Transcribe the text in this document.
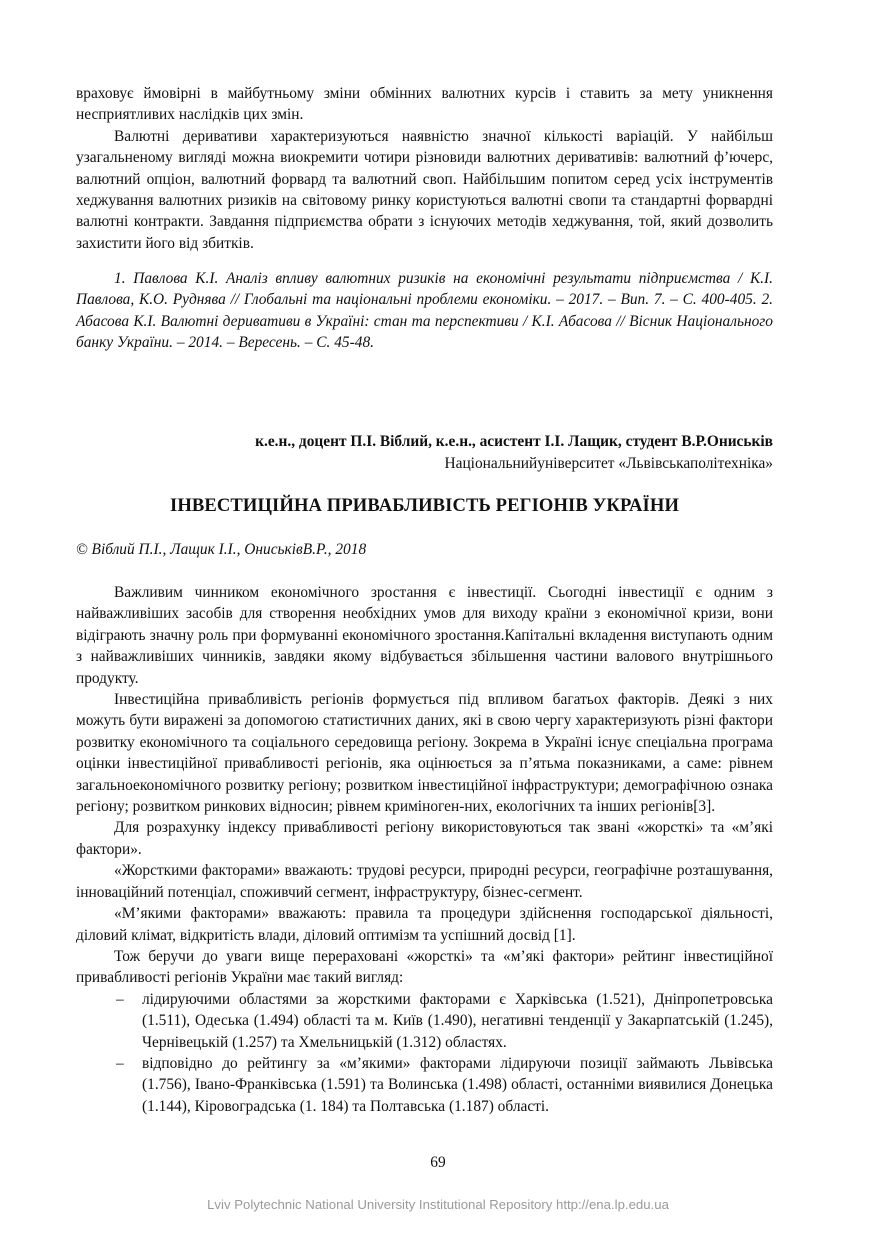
враховує ймовірні в майбутньому зміни обмінних валютних курсів і ставить за мету уникнення несприятливих наслідків цих змін.

Валютні деривативи характеризуються наявністю значної кількості варіацій. У найбільш узагальненому вигляді можна виокремити чотири різновиди валютних деривативів: валютний ф’ючерс, валютний опціон, валютний форвард та валютний своп. Найбільшим попитом серед усіх інструментів хеджування валютних ризиків на світовому ринку користуються валютні свопи та стандартні форвардні валютні контракти. Завдання підприємства обрати з існуючих методів хеджування, той, який дозволить захистити його від збитків.

1. Павлова К.І. Аналіз впливу валютних ризиків на економічні результати підприємства / К.І. Павлова, К.О. Руднява // Глобальні та національні проблеми економіки. – 2017. – Вип. 7. – С. 400-405. 2. Абасова К.І. Валютні деривативи в Україні: стан та перспективи / К.І. Абасова // Вісник Національного банку України. – 2014. – Вересень. – С. 45-48.
к.е.н., доцент П.І. Віблий, к.е.н., асистент І.І. Лащик, студент В.Р.Ониськів
Національнийуніверситет «Львівськаполітехніка»
ІНВЕСТИЦІЙНА ПРИВАБЛИВІСТЬ РЕГІОНІВ УКРАЇНИ
© Віблий П.І., Лащик І.І., ОниськівВ.Р., 2018

Важливим чинником економічного зростання є інвестиції. Сьогодні інвестиції є одним з найважливіших засобів для створення необхідних умов для виходу країни з економічної кризи, вони відіграють значну роль при формуванні економічного зростання.Капітальні вкладення виступають одним з найважливіших чинників, завдяки якому відбувається збільшення частини валового внутрішнього продукту.

Інвестиційна привабливість регіонів формується під впливом багатьох факторів. Деякі з них можуть бути виражені за допомогою статистичних даних, які в свою чергу характеризують різні фактори розвитку економічного та соціального середовища регіону. Зокрема в Україні існує спеціальна програма оцінки інвестиційної привабливості регіонів, яка оцінюється за п’ятьма показниками, а саме: рівнем загальноекономічного розвитку регіону; розвитком інвестиційної інфраструктури; демографічною ознака регіону; розвитком ринкових відносин; рівнем криміноген-них, екологічних та інших регіонів[3].

Для розрахунку індексу привабливості регіону використовуються так звані «жорсткі» та «м’які фактори».

«Жорсткими факторами» вважають: трудові ресурси, природні ресурси, географічне розташування, інноваційний потенціал, споживчий сегмент, інфраструктуру, бізнес-сегмент.

«М’якими факторами» вважають: правила та процедури здійснення господарської діяльності, діловий клімат, відкритість влади, діловий оптимізм та успішний досвід [1].

Тож беручи до уваги вище перераховані «жорсткі» та «м’які фактори» рейтинг інвестиційної привабливості регіонів України має такий вигляд:

– лідируючими областями за жорсткими факторами є Харківська (1.521), Дніпропетровська (1.511), Одеська (1.494) області та м. Київ (1.490), негативні тенденції у Закарпатській (1.245), Чернівецькій (1.257) та Хмельницькій (1.312) областях.
– відповідно до рейтингу за «м’якими» факторами лідируючи позиції займають Львівська (1.756), Івано-Франківська (1.591) та Волинська (1.498) області, останніми виявилися Донецька (1.144), Кіровоградська (1. 184) та Полтавська (1.187) області.
69
Lviv Polytechnic National University Institutional Repository http://ena.lp.edu.ua
